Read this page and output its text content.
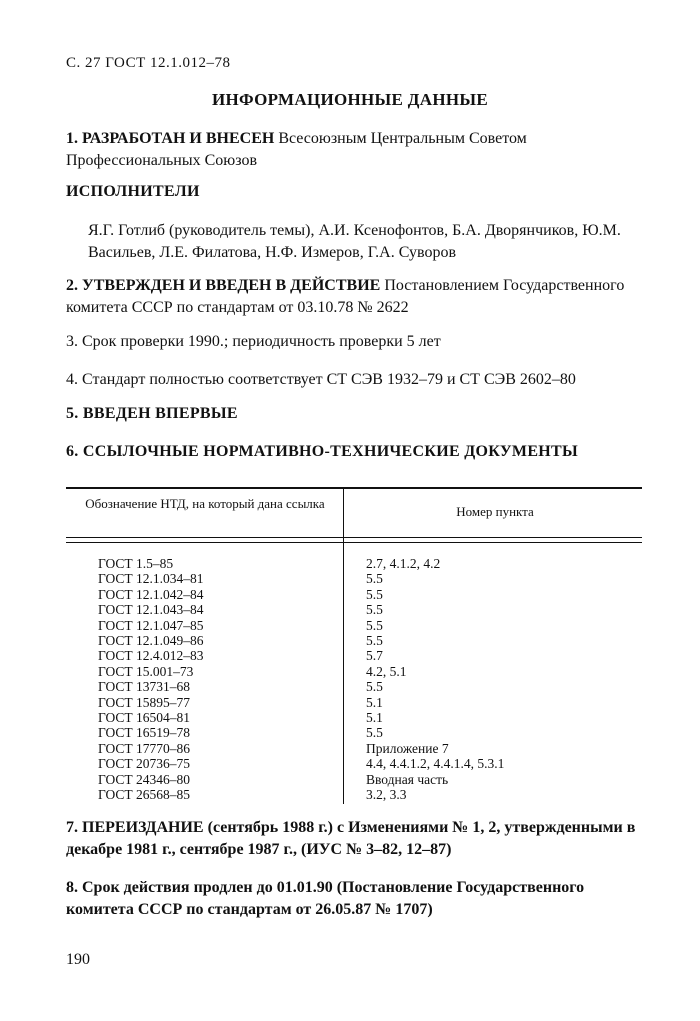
С. 27 ГОСТ 12.1.012–78
ИНФОРМАЦИОННЫЕ ДАННЫЕ
1. РАЗРАБОТАН И ВНЕСЕН Всесоюзным Центральным Советом Профессиональных Союзов
ИСПОЛНИТЕЛИ
Я.Г. Готлиб (руководитель темы), А.И. Ксенофонтов, Б.А. Дворянчиков, Ю.М. Васильев, Л.Е. Филатова, Н.Ф. Измеров, Г.А. Суворов
2. УТВЕРЖДЕН И ВВЕДЕН В ДЕЙСТВИЕ Постановлением Государственного комитета СССР по стандартам от 03.10.78 № 2622
3. Срок проверки 1990.; периодичность проверки 5 лет
4. Стандарт полностью соответствует СТ СЭВ 1932–79 и СТ СЭВ 2602–80
5. ВВЕДЕН ВПЕРВЫЕ
6. ССЫЛОЧНЫЕ НОРМАТИВНО-ТЕХНИЧЕСКИЕ ДОКУМЕНТЫ
Обозначение НТД, на который дана ссылка
Номер пункта
ГОСТ 1.5–85
ГОСТ 12.1.034–81
ГОСТ 12.1.042–84
ГОСТ 12.1.043–84
ГОСТ 12.1.047–85
ГОСТ 12.1.049–86
ГОСТ 12.4.012–83
ГОСТ 15.001–73
ГОСТ 13731–68
ГОСТ 15895–77
ГОСТ 16504–81
ГОСТ 16519–78
ГОСТ 17770–86
ГОСТ 20736–75
ГОСТ 24346–80
ГОСТ 26568–85
2.7, 4.1.2, 4.2
5.5
5.5
5.5
5.5
5.5
5.7
4.2, 5.1
5.5
5.1
5.1
5.5
Приложение 7
4.4, 4.4.1.2, 4.4.1.4, 5.3.1
Вводная часть
3.2, 3.3
7. ПЕРЕИЗДАНИЕ (сентябрь 1988 г.) с Изменениями № 1, 2, утвержденными в декабре 1981 г., сентябре 1987 г., (ИУС № 3–82, 12–87)
8. Срок действия продлен до 01.01.90 (Постановление Государственного комитета СССР по стандартам от 26.05.87 № 1707)
190
